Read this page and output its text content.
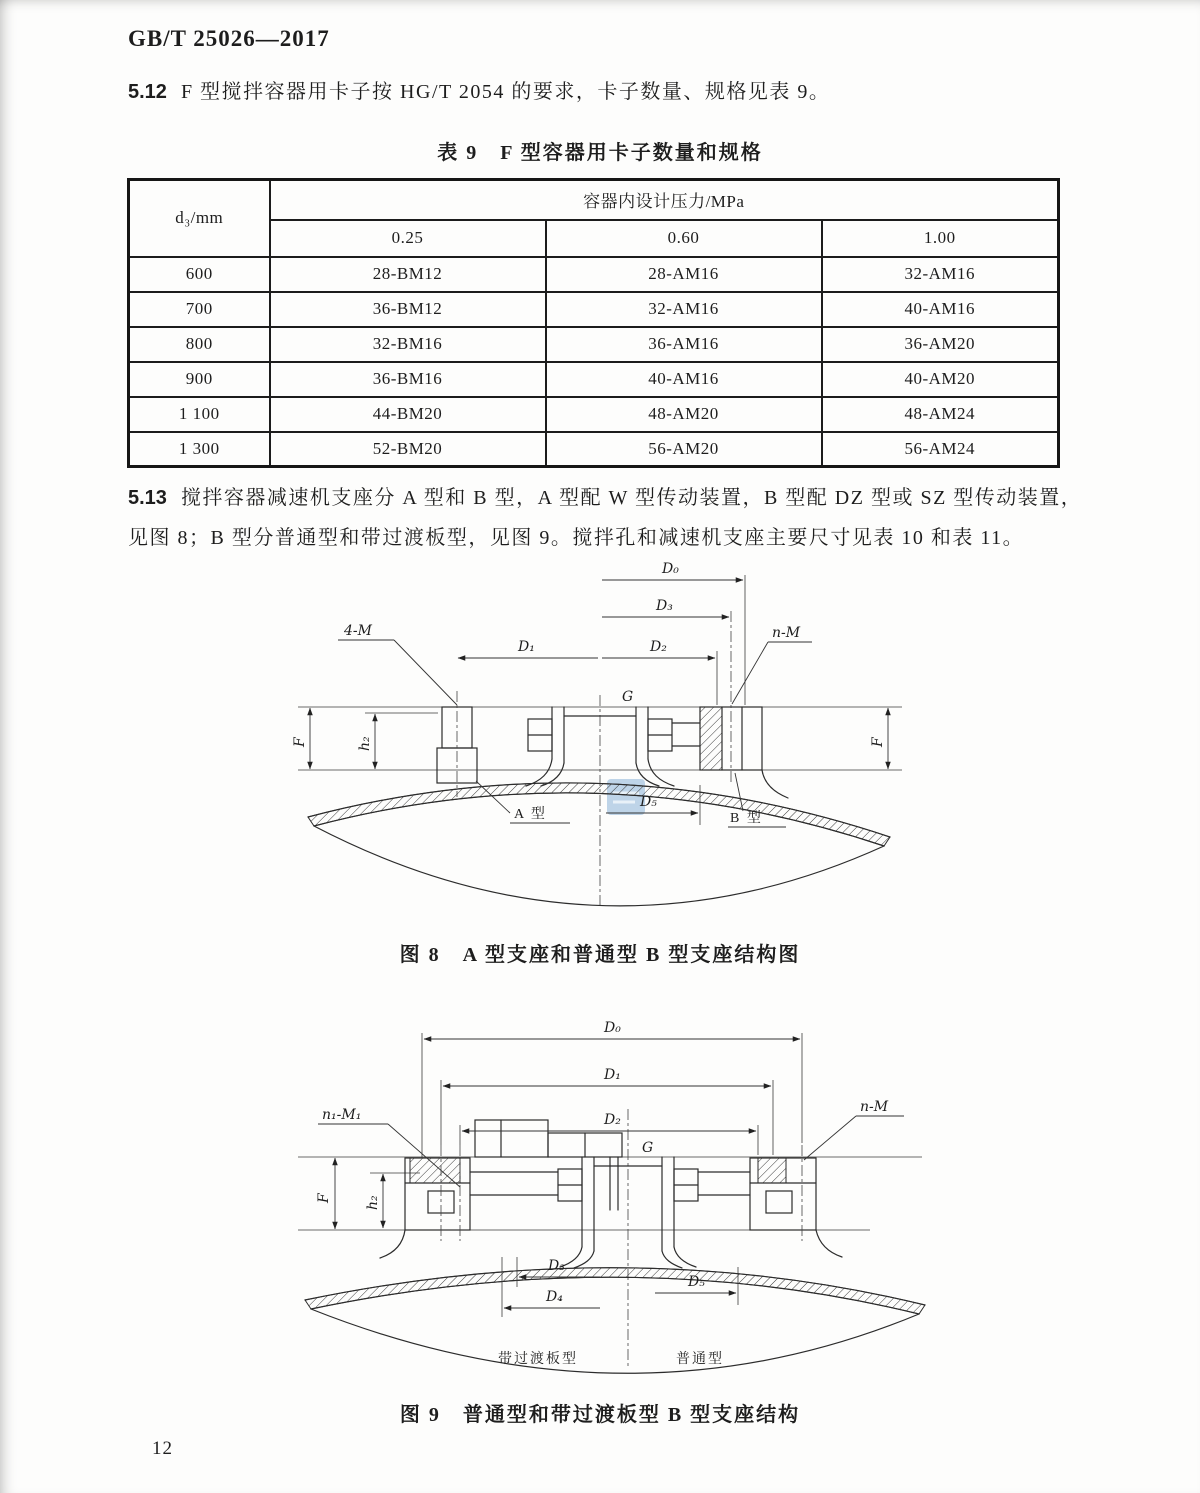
GB/T 25026—2017
5.12 F 型搅拌容器用卡子按 HG/T 2054 的要求，卡子数量、规格见表 9。
表 9　F 型容器用卡子数量和规格
d₃/mm	容器内设计压力/MPa		
	0.25	0.60	1.00
600	28-BM12	28-AM16	32-AM16
700	36-BM12	32-AM16	40-AM16
800	32-BM16	36-AM16	36-AM20
900	36-BM16	40-AM16	40-AM20
1 100	44-BM20	48-AM20	48-AM24
1 300	52-BM20	56-AM20	56-AM24
5.13 搅拌容器减速机支座分 A 型和 B 型，A 型配 W 型传动装置，B 型配 DZ 型或 SZ 型传动装置，见图 8；B 型分普通型和带过渡板型，见图 9。搅拌孔和减速机支座主要尺寸见表 10 和表 11。
F	F
h₂
4-M
D₁
D₀
D₃
D₂
n-M
G
A 型
D₅
B 型
图 8　A 型支座和普通型 B 型支座结构图
F h₂
G
D₀
D₁
D₂
n₁-M₁	n-M
D₃
D₄
D₅
带过渡板型	普通型
图 9　普通型和带过渡板型 B 型支座结构
12
